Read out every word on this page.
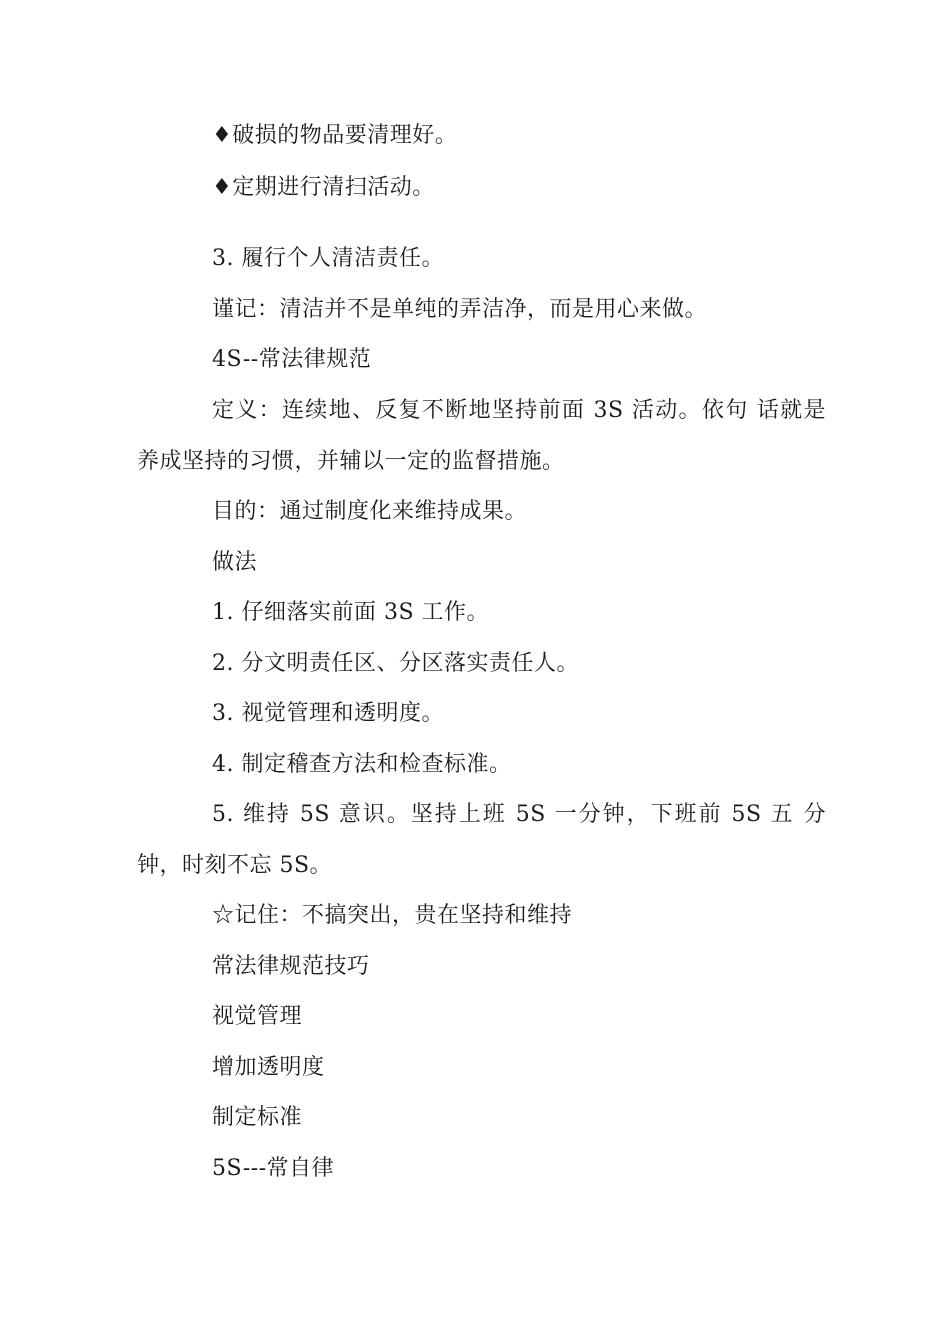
♦破损的物品要清理好。
♦定期进行清扫活动。
3. 履行个人清洁责任。
谨记：清洁并不是单纯的弄洁净，而是用心来做。
4S--常法律规范
定义：连续地、反复不断地坚持前面 3S 活动。依句 话就是
养成坚持的习惯，并辅以一定的监督措施。
目的：通过制度化来维持成果。
做法
1. 仔细落实前面 3S 工作。
2. 分文明责任区、分区落实责任人。
3. 视觉管理和透明度。
4. 制定稽查方法和检查标准。
5. 维持 5S 意识。坚持上班 5S 一分钟，下班前 5S 五 分
钟，时刻不忘 5S。
☆记住：不搞突出，贵在坚持和维持
常法律规范技巧
视觉管理
增加透明度
制定标准
5S---常自律
